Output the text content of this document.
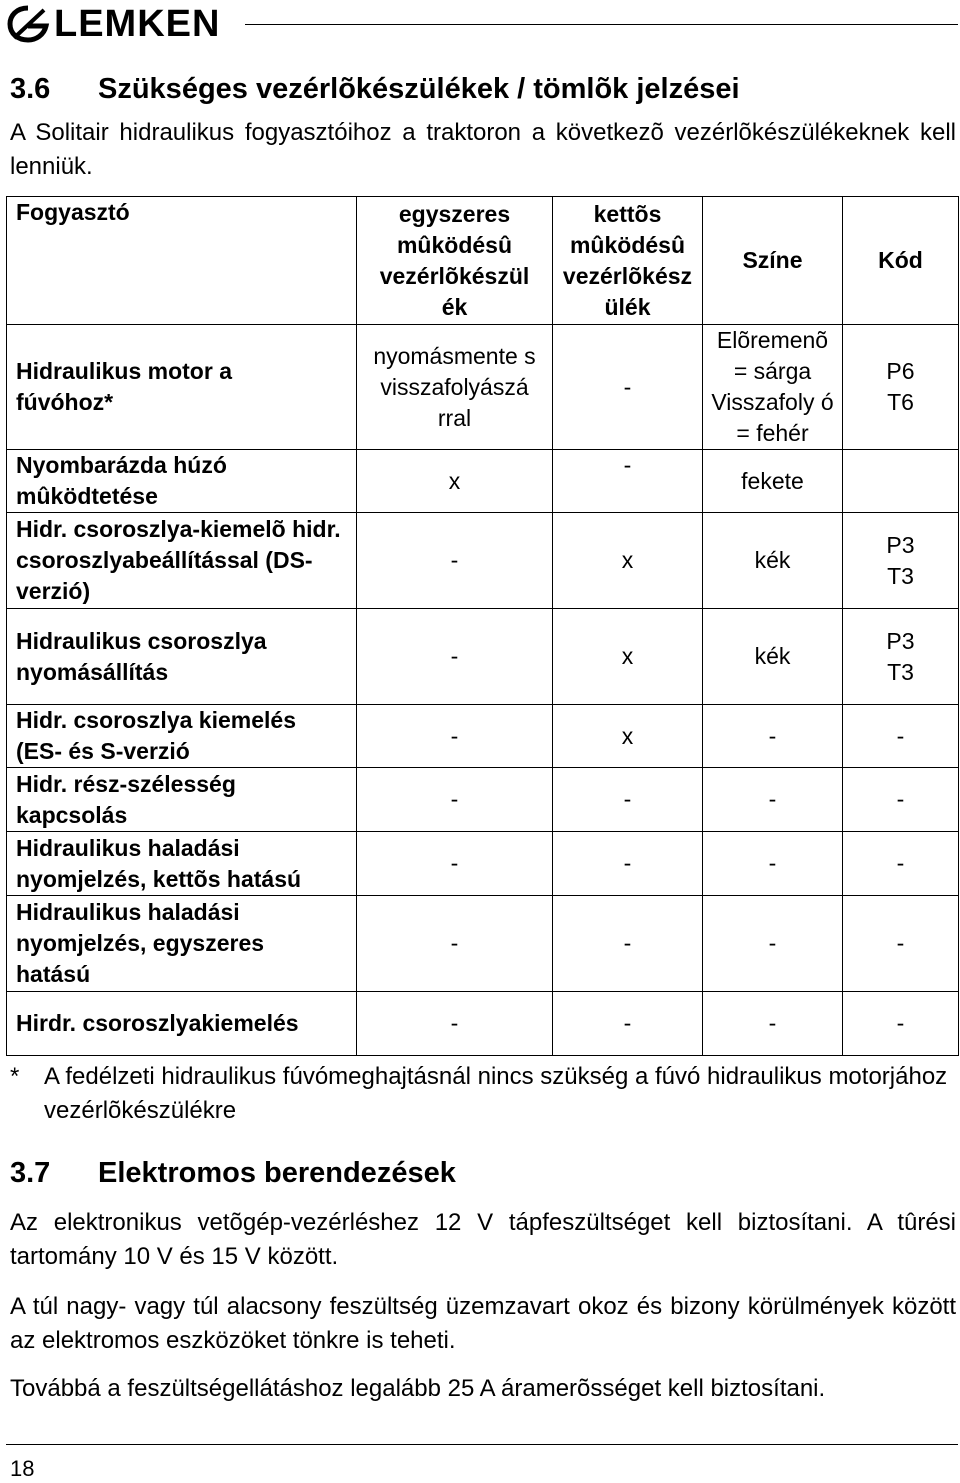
LEMKEN
3.6 Szükséges vezérlõkészülékek / tömlõk jelzései
A Solitair hidraulikus fogyasztóihoz a traktoron a következõ vezérlõkészülékeknek kell lenniük.
Fogyasztó	egyszeres mûködésû vezérlõkészül ék	kettõs mûködésû vezérlõkész ülék	Színe	Kód

Hidraulikus motor a fúvóhoz*	nyomásmente s visszafolyászá rral	-	Elõremenõ = sárga Visszafoly ó = fehér	P6 T6

Nyombarázda húzó mûködtetése	x	-	fekete	

Hidr. csoroszlya-kiemelõ hidr. csoroszlyabeállítással (DS-verzió)	-	x	kék	P3 T3

Hidraulikus csoroszlya nyomásállítás	-	x	kék	P3 T3

Hidr. csoroszlya kiemelés (ES- és S-verzió	-	x	-	-

Hidr. rész-szélesség kapcsolás	-	-	-	-

Hidraulikus haladási nyomjelzés, kettõs hatású	-	-	-	-

Hidraulikus haladási nyomjelzés, egyszeres hatású	-	-	-	-

Hirdr. csoroszlyakiemelés	-	-	-	-
* A fedélzeti hidraulikus fúvómeghajtásnál nincs szükség a fúvó hidraulikus motorjához vezérlõkészülékre
3.7 Elektromos berendezések
Az elektronikus vetõgép-vezérléshez 12 V tápfeszültséget kell biztosítani. A tûrési tartomány 10 V és 15 V között.
A túl nagy- vagy túl alacsony feszültség üzemzavart okoz és bizony körülmények között az elektromos eszközöket tönkre is teheti.
Továbbá a feszültségellátáshoz legalább 25 A áramerõsséget kell biztosítani.
18
